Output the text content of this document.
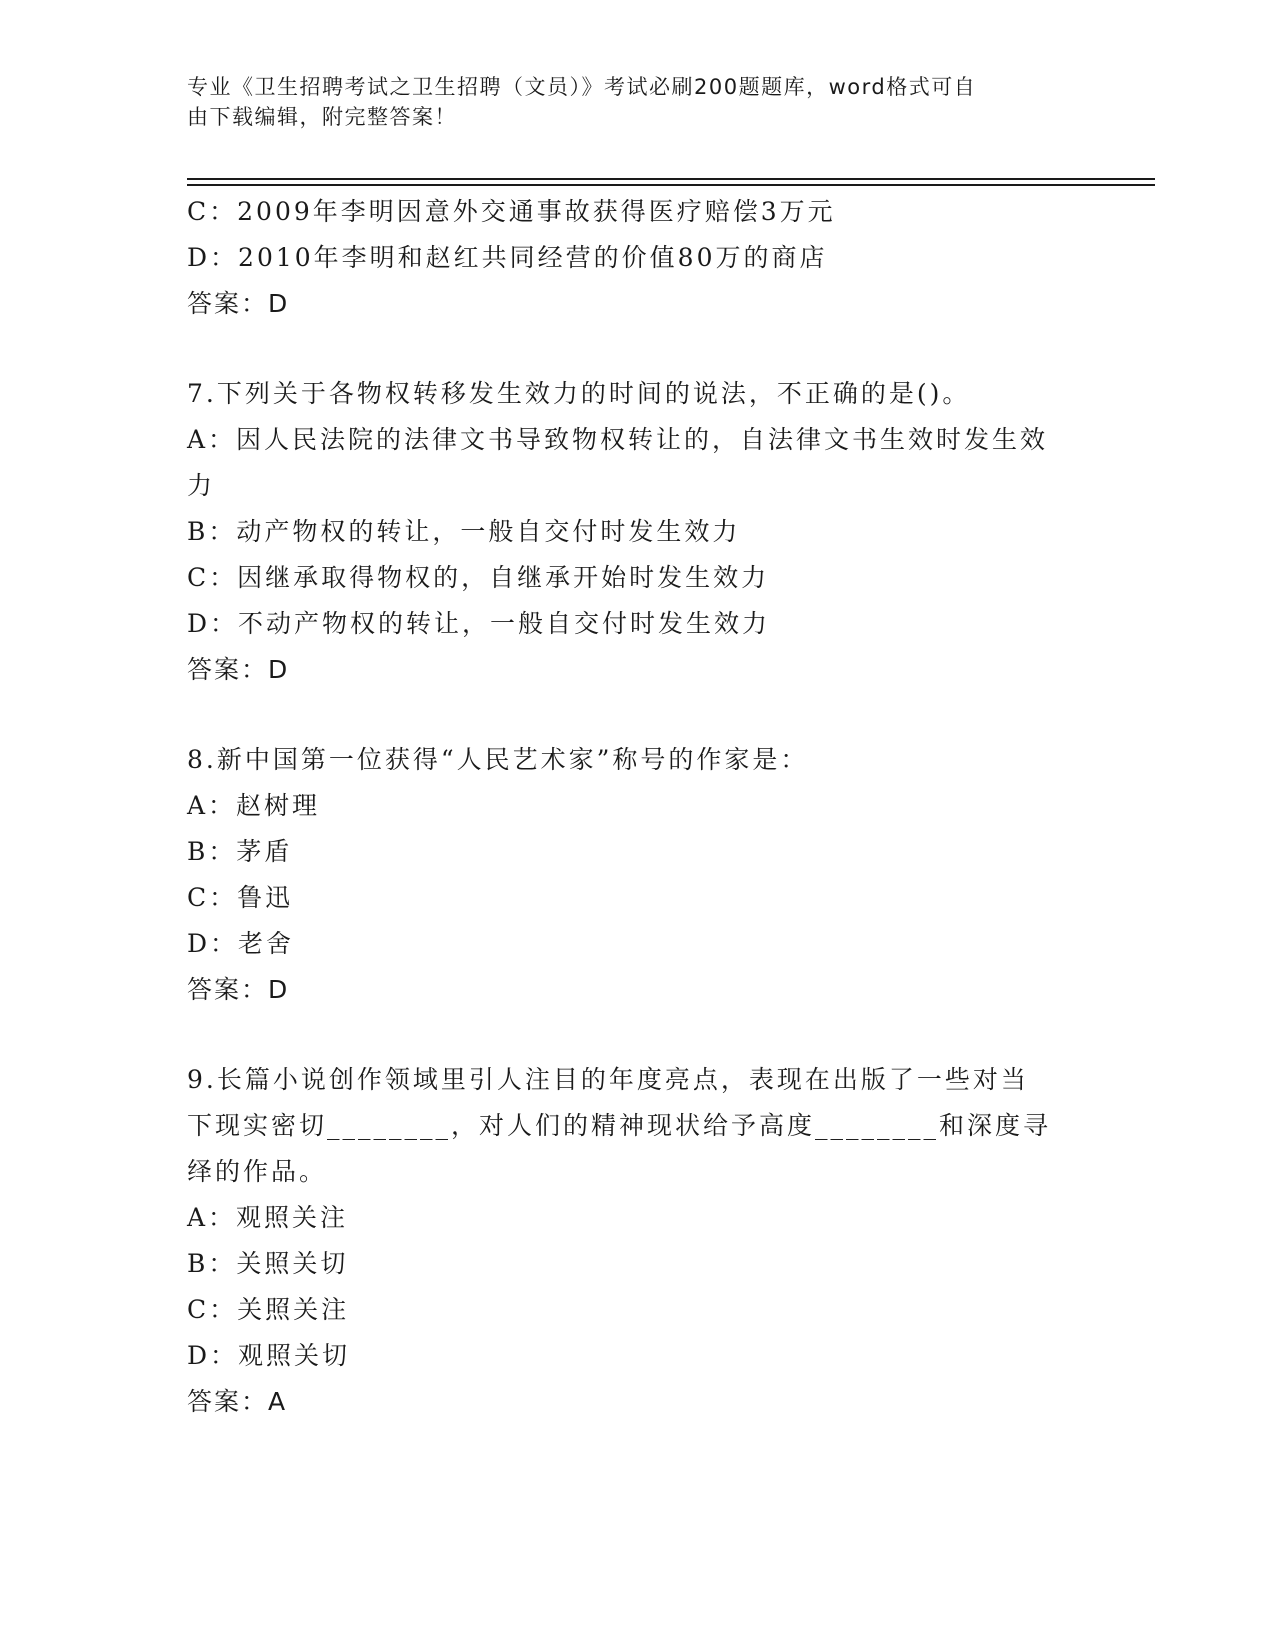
专业《卫生招聘考试之卫生招聘（文员）》考试必刷200题题库，word格式可自
由下载编辑，附完整答案！
C：2009年李明因意外交通事故获得医疗赔偿3万元
D：2010年李明和赵红共同经营的价值80万的商店
答案：D
7.下列关于各物权转移发生效力的时间的说法，不正确的是()。
A：因人民法院的法律文书导致物权转让的，自法律文书生效时发生效
力
B：动产物权的转让，一般自交付时发生效力
C：因继承取得物权的，自继承开始时发生效力
D：不动产物权的转让，一般自交付时发生效力
答案：D
8.新中国第一位获得“人民艺术家”称号的作家是：
A：赵树理
B：茅盾
C：鲁迅
D：老舍
答案：D
9.长篇小说创作领域里引人注目的年度亮点，表现在出版了一些对当
下现实密切________，对人们的精神现状给予高度________和深度寻
绎的作品。
A：观照关注
B：关照关切
C：关照关注
D：观照关切
答案：A
